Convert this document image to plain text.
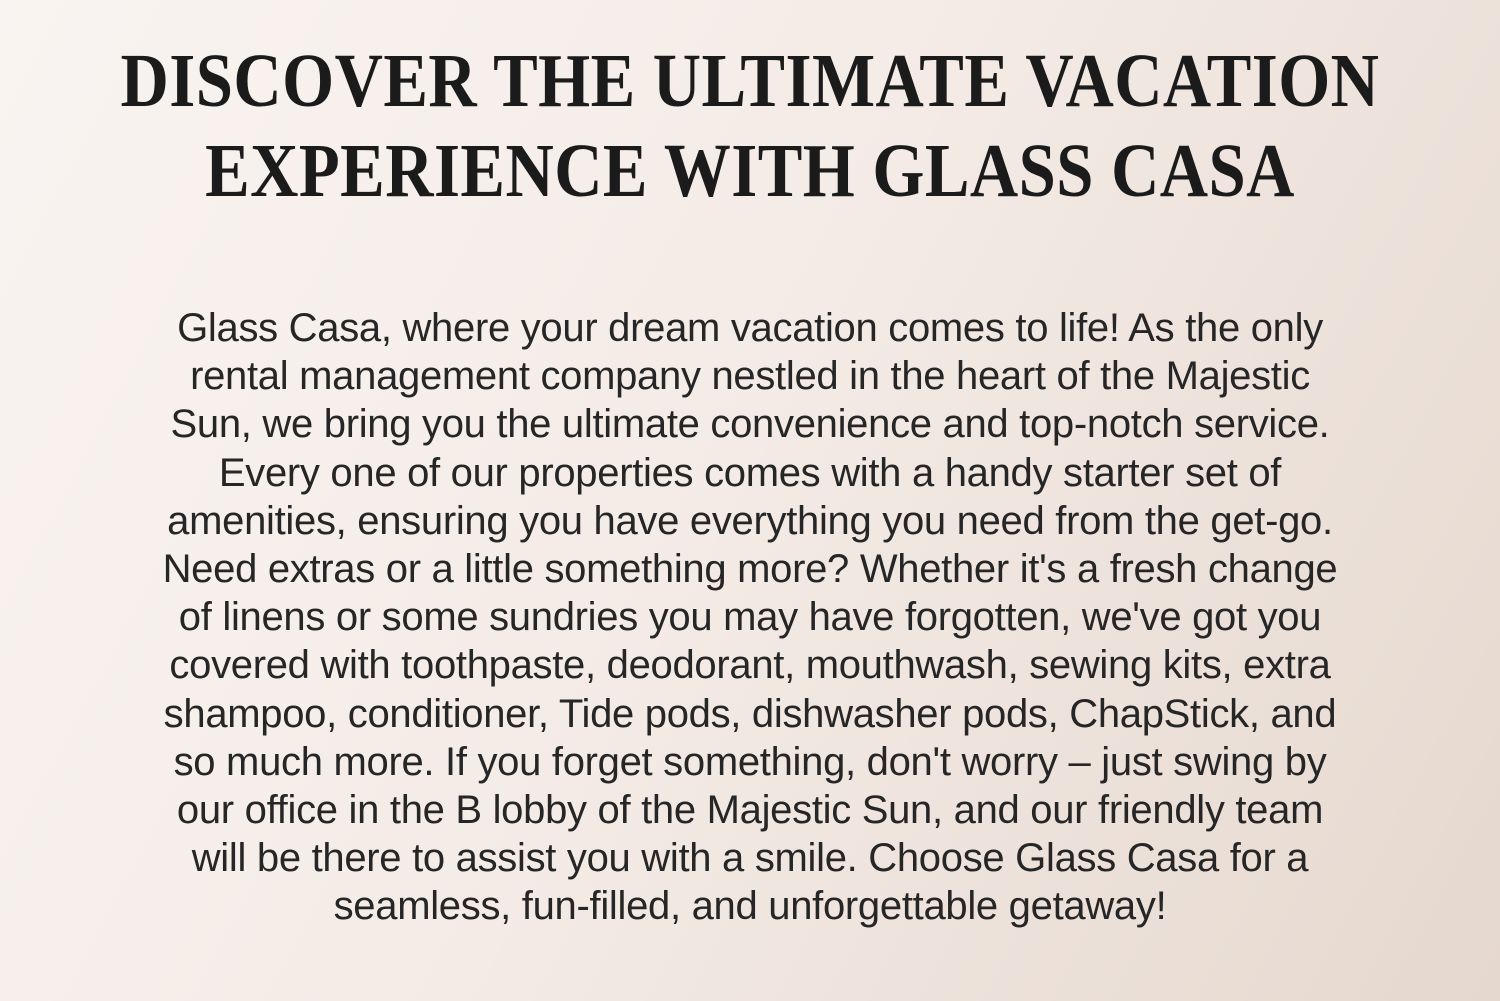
DISCOVER THE ULTIMATE VACATION
EXPERIENCE WITH GLASS CASA
Glass Casa, where your dream vacation comes to life! As the only
rental management company nestled in the heart of the Majestic
Sun, we bring you the ultimate convenience and top-notch service.
Every one of our properties comes with a handy starter set of
amenities, ensuring you have everything you need from the get-go.
Need extras or a little something more? Whether it's a fresh change
of linens or some sundries you may have forgotten, we've got you
covered with toothpaste, deodorant, mouthwash, sewing kits, extra
shampoo, conditioner, Tide pods, dishwasher pods, ChapStick, and
so much more. If you forget something, don't worry – just swing by
our office in the B lobby of the Majestic Sun, and our friendly team
will be there to assist you with a smile. Choose Glass Casa for a
seamless, fun-filled, and unforgettable getaway!
